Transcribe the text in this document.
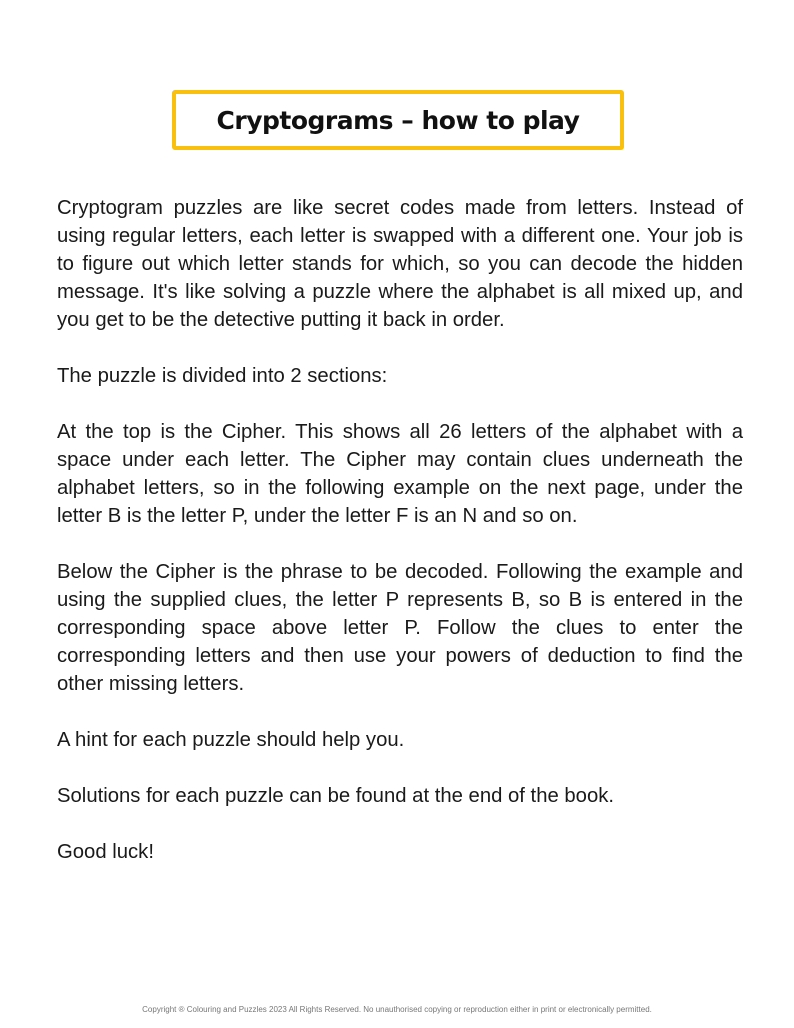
Cryptograms – how to play

Cryptogram puzzles are like secret codes made from letters. Instead of using regular letters, each letter is swapped with a different one. Your job is to figure out which letter stands for which, so you can decode the hidden message. It's like solving a puzzle where the alphabet is all mixed up, and you get to be the detective putting it back in order.

The puzzle is divided into 2 sections:

At the top is the Cipher. This shows all 26 letters of the alphabet with a space under each letter. The Cipher may contain clues underneath the alphabet letters, so in the following example on the next page, under the letter B is the letter P, under the letter F is an N and so on.

Below the Cipher is the phrase to be decoded. Following the example and using the supplied clues, the letter P represents B, so B is entered in the corresponding space above letter P. Follow the clues to enter the corresponding letters and then use your powers of deduction to find the other missing letters.

A hint for each puzzle should help you.

Solutions for each puzzle can be found at the end of the book.

Good luck!

Copyright ® Colouring and Puzzles 2023 All Rights Reserved. No unauthorised copying or reproduction either in print or electronically permitted.
